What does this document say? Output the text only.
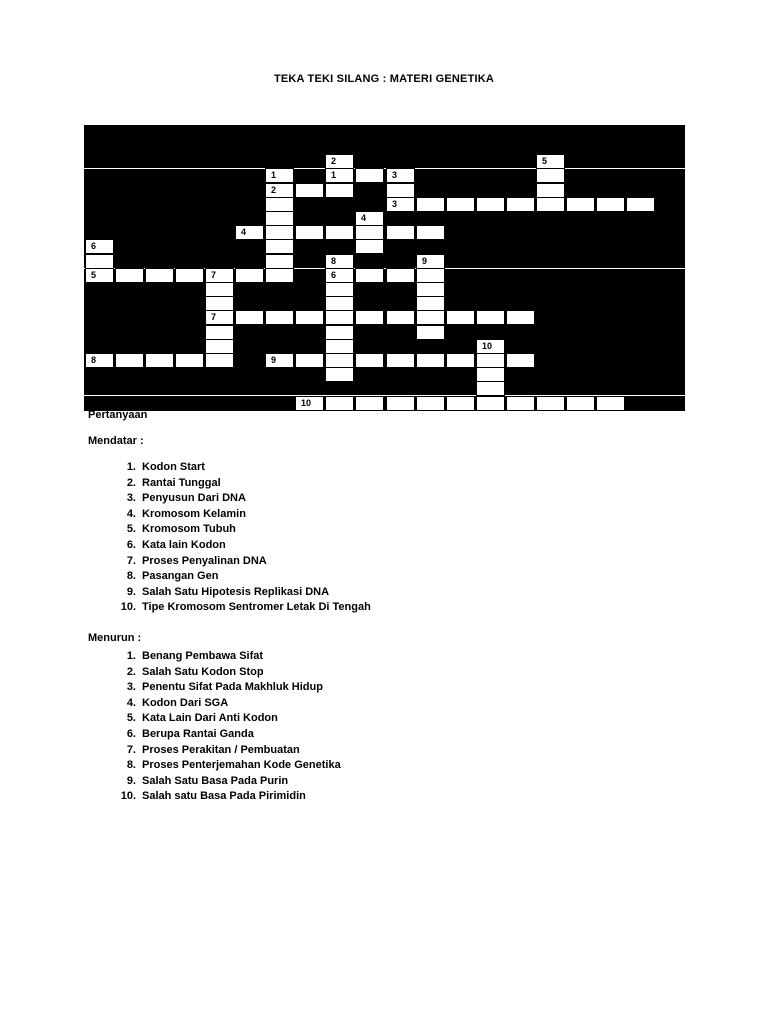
TEKA TEKI SILANG : MATERI GENETIKA
2	5
1	1	3
2
3
4
4
6
8	9
5	7	6
7
10
8	9
10
Pertanyaan
Mendatar :
1. Kodon Start
2. Rantai Tunggal
3. Penyusun Dari DNA
4. Kromosom Kelamin
5. Kromosom Tubuh
6. Kata lain Kodon
7. Proses Penyalinan DNA
8. Pasangan Gen
9. Salah Satu Hipotesis Replikasi DNA
10. Tipe Kromosom Sentromer Letak Di Tengah
Menurun :
1. Benang Pembawa Sifat
2. Salah Satu Kodon Stop
3. Penentu Sifat Pada Makhluk Hidup
4. Kodon Dari SGA
5. Kata Lain Dari Anti Kodon
6. Berupa Rantai Ganda
7. Proses Perakitan / Pembuatan
8. Proses Penterjemahan Kode Genetika
9. Salah Satu Basa Pada Purin
10. Salah satu Basa Pada Pirimidin
